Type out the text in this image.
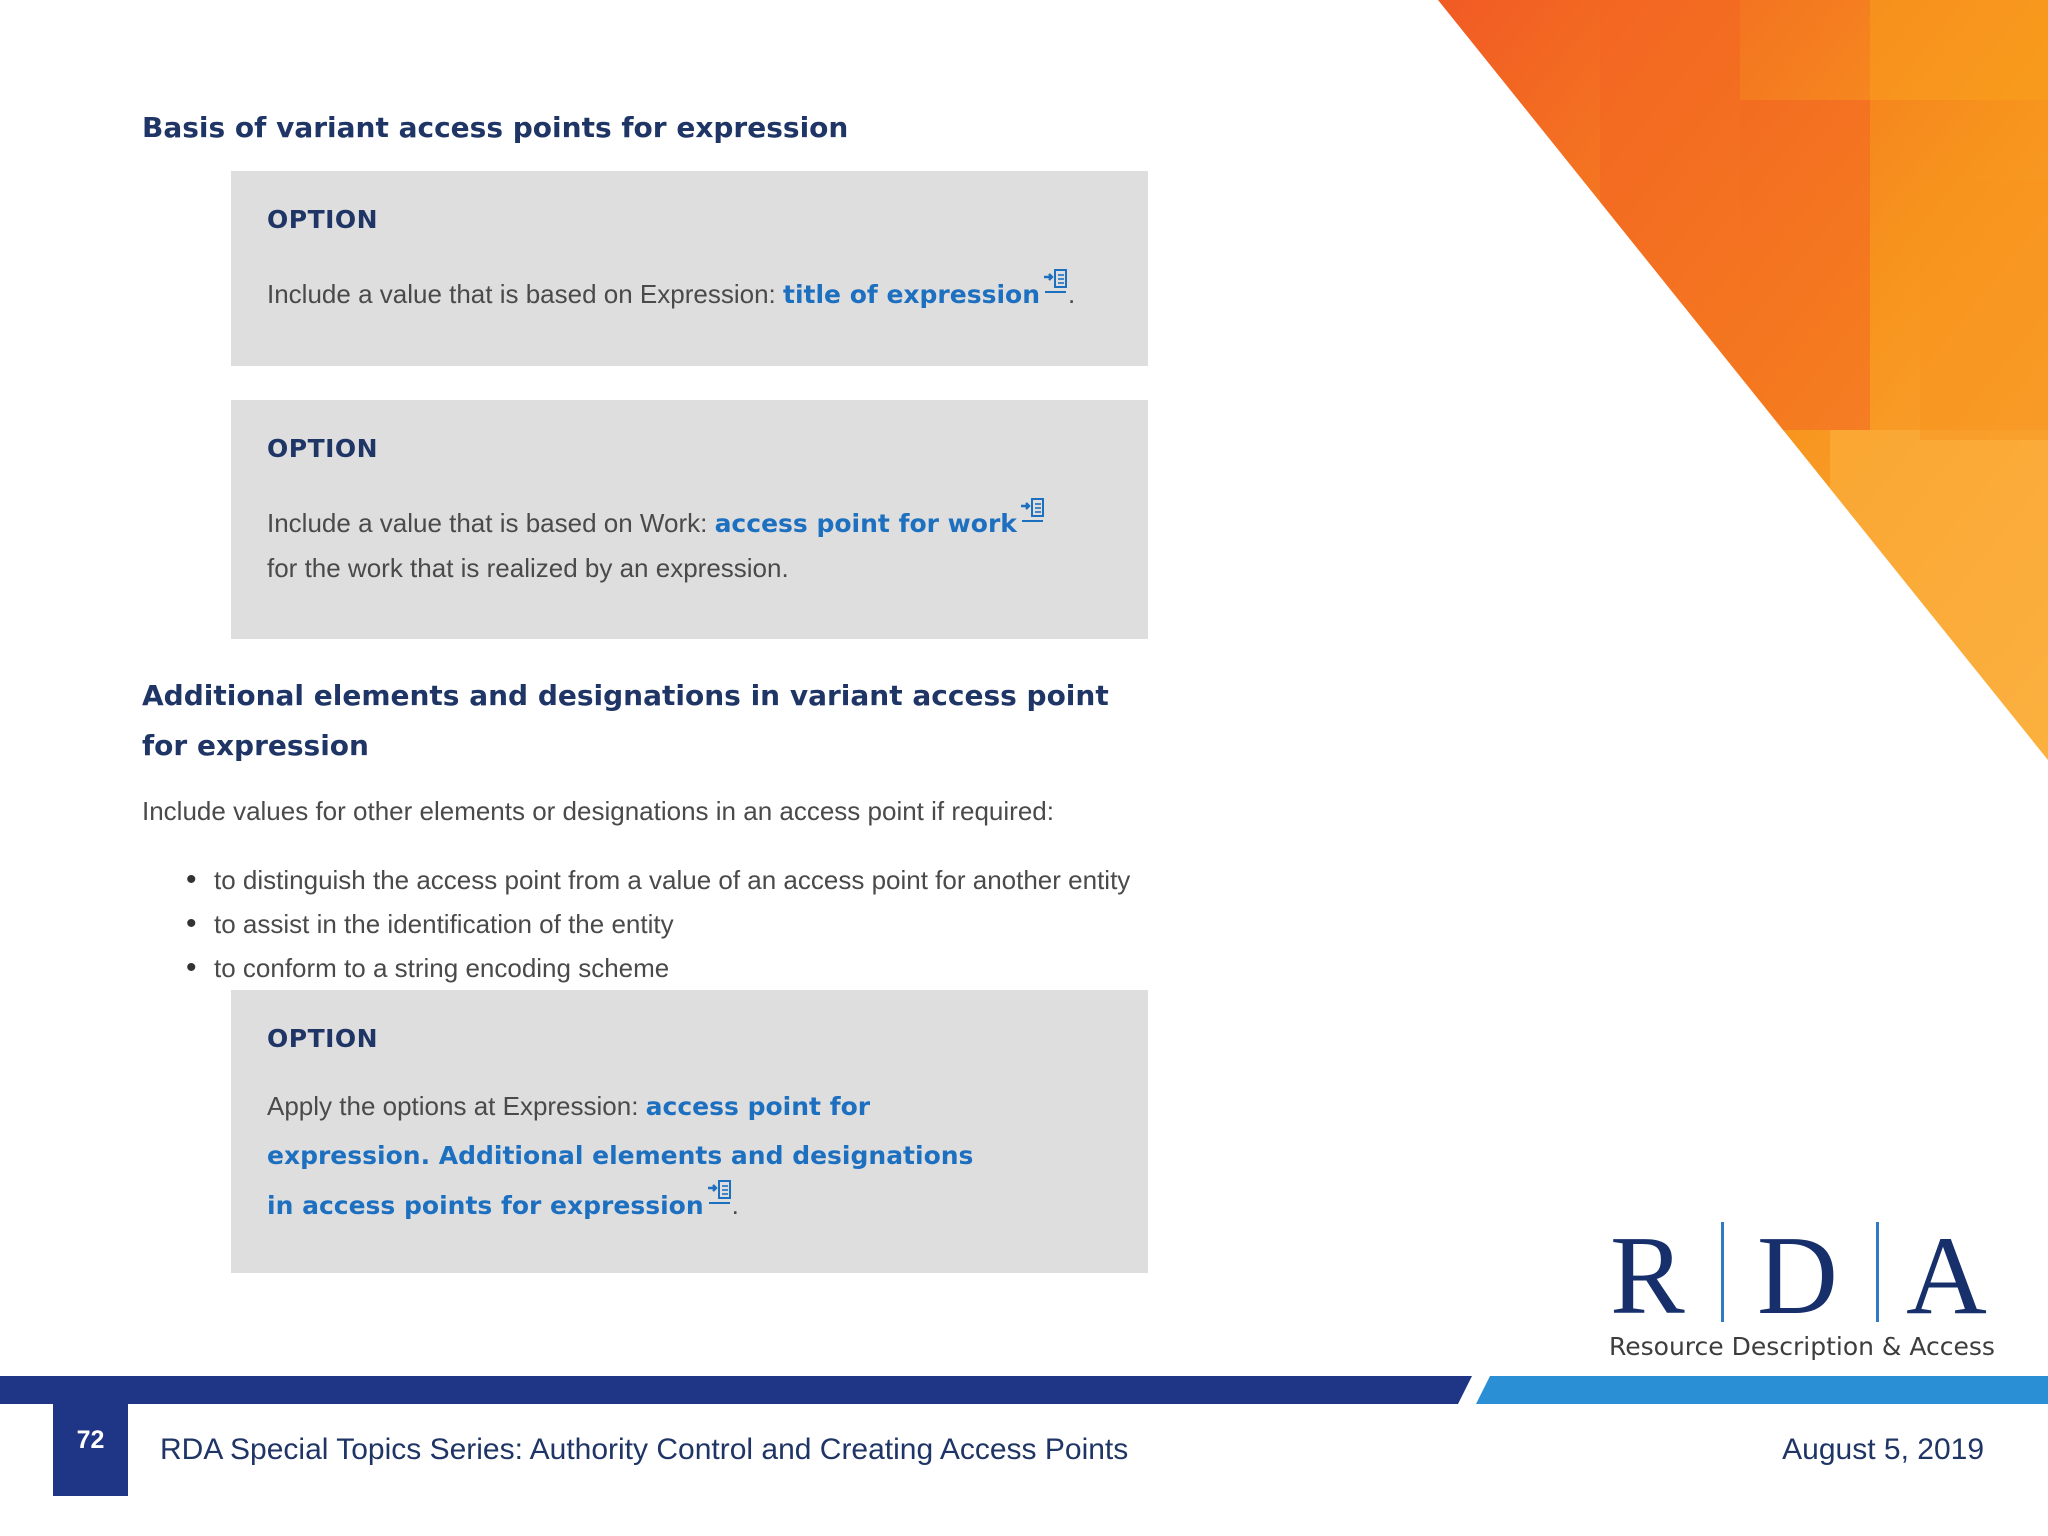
Basis of variant access points for expression
OPTION
Include a value that is based on Expression: title of expression .
OPTION
Include a value that is based on Work: access point for work for the work that is realized by an expression.
Additional elements and designations in variant access point for expression
Include values for other elements or designations in an access point if required:
• to distinguish the access point from a value of an access point for another entity
• to assist in the identification of the entity
• to conform to a string encoding scheme
OPTION
Apply the options at Expression: access point for expression. Additional elements and designations in access points for expression .
R D A
Resource Description & Access
72	RDA Special Topics Series: Authority Control and Creating Access Points	August 5, 2019
